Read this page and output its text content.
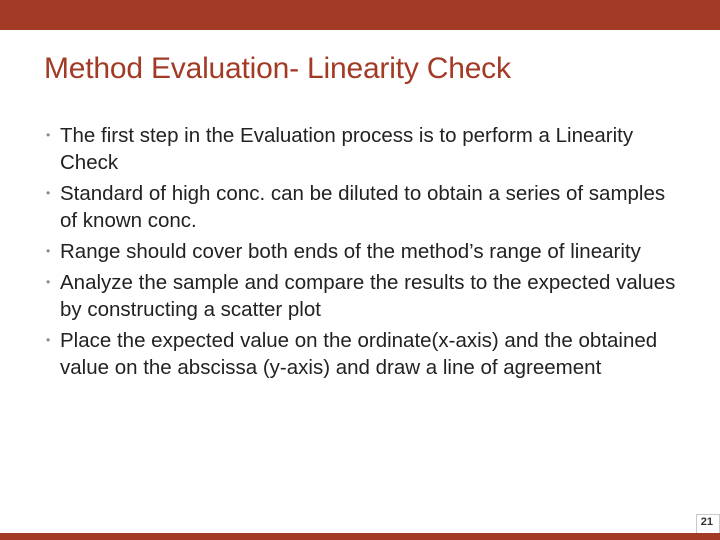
Method Evaluation- Linearity Check
• The first step in the Evaluation process is to perform a Linearity Check
• Standard of high conc. can be diluted to obtain a series of samples of known conc.
• Range should cover both ends of the method’s range of linearity
• Analyze the sample and compare the results to the expected values by constructing a scatter plot
• Place the expected value on the ordinate(x-axis) and the obtained value on the abscissa (y-axis) and draw a line of agreement
21
